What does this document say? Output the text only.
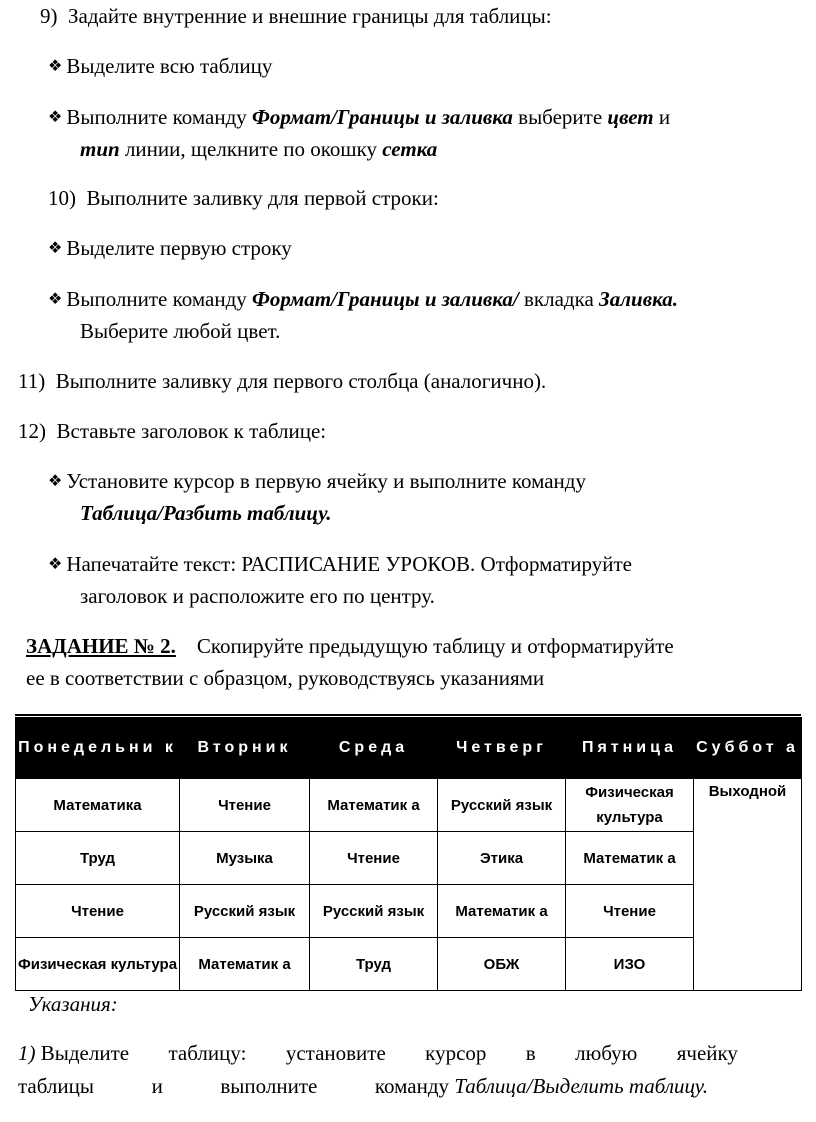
9) Задайте внутренние и внешние границы для таблицы:
❖ Выделите всю таблицу
❖ Выполните команду Формат/Границы и заливка выберите цвет и
тип линии, щелкните по окошку сетка
10) Выполните заливку для первой строки:
❖ Выделите первую строку
❖ Выполните команду Формат/Границы и заливка/ вкладка Заливка.
Выберите любой цвет.
11) Выполните заливку для первого столбца (аналогично).
12) Вставьте заголовок к таблице:
❖ Установите курсор в первую ячейку и выполните команду
Таблица/Разбить таблицу.
❖ Напечатайте текст: РАСПИСАНИЕ УРОКОВ. Отформатируйте
заголовок и расположите его по центру.
ЗАДАНИЕ № 2. Скопируйте предыдущую таблицу и отформатируйте
ее в соответствии с образцом, руководствуясь указаниями
Понедельни к	Вторник	Среда	Четверг	Пятница	Суббот а
Математика	Чтение	Математик а	Русский язык	Физическая культура	Выходной
Труд	Музыка	Чтение	Этика	Математик а	
Чтение	Русский язык	Русский язык	Математик а	Чтение	
Физическая культура	Математик а	Труд	ОБЖ	ИЗО	
Указания:
1) Выделите таблицу: установите курсор в любую ячейку
таблицы	и	выполните	команду Таблица/Выделить таблицу.
